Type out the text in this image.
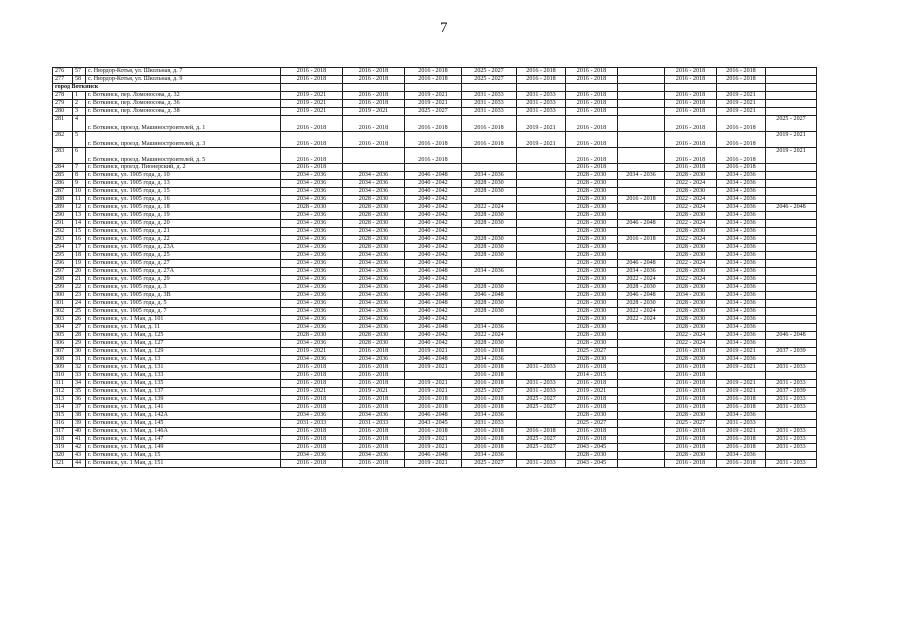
7
276	57	с. Нюрдор-Котья, ул. Школьная, д. 7	2016 - 2018	2016 - 2018	2016 - 2018	2025 - 2027	2016 - 2018	2016 - 2018		2016 - 2018	2016 - 2018	
277	58	с. Нюрдор-Котья, ул. Школьная, д. 9	2016 - 2018	2016 - 2018	2016 - 2018	2025 - 2027	2016 - 2018	2016 - 2018		2016 - 2018	2016 - 2018	
город Воткинск												
278	1	г. Воткинск, пер. Ломоносова, д. 32	2019 - 2021	2016 - 2018	2019 - 2021	2031 - 2033	2031 - 2033	2016 - 2018		2016 - 2018	2019 - 2021	
279	2	г. Воткинск, пер. Ломоносова, д. 36	2019 - 2021	2016 - 2018	2019 - 2021	2031 - 2033	2031 - 2033	2016 - 2018		2016 - 2018	2019 - 2021	
280	3	г. Воткинск, пер. Ломоносова, д. 38	2019 - 2021	2019 - 2021	2025 - 2027	2031 - 2033	2031 - 2033	2016 - 2018		2016 - 2018	2019 - 2021	
281	4	г. Воткинск, проезд. Машиностроителей, д. 1	2016 - 2018	2016 - 2018	2016 - 2018	2016 - 2018	2019 - 2021	2016 - 2018		2016 - 2018	2016 - 2018	2025 - 2027
282	5	г. Воткинск, проезд. Машиностроителей, д. 3	2016 - 2018	2016 - 2018	2016 - 2018	2016 - 2018	2019 - 2021	2016 - 2018		2016 - 2018	2016 - 2018	2019 - 2021
283	6	г. Воткинск, проезд. Машиностроителей, д. 5	2016 - 2018		2016 - 2018			2016 - 2018		2016 - 2018	2016 - 2018	2019 - 2021
284	7	г. Воткинск, проезд. Пионерский, д. 2	2016 - 2018					2016 - 2018		2016 - 2018	2016 - 2018	
285	8	г. Воткинск, ул. 1905 года, д. 10	2034 - 2036	2034 - 2036	2046 - 2048	2034 - 2036		2028 - 2030	2034 - 2036	2028 - 2030	2034 - 2036	
286	9	г. Воткинск, ул. 1905 года, д. 13	2034 - 2036	2034 - 2036	2040 - 2042	2028 - 2030		2028 - 2030		2022 - 2024	2034 - 2036	
287	10	г. Воткинск, ул. 1905 года, д. 15	2034 - 2036	2034 - 2036	2040 - 2042	2028 - 2030		2028 - 2030		2028 - 2030	2034 - 2036	
288	11	г. Воткинск, ул. 1905 года, д. 16	2034 - 2036	2028 - 2030	2040 - 2042			2028 - 2030	2016 - 2018	2022 - 2024	2034 - 2036	
289	12	г. Воткинск, ул. 1905 года, д. 18	2028 - 2030	2028 - 2030	2040 - 2042	2022 - 2024		2028 - 2030		2022 - 2024	2034 - 2036	2046 - 2048
290	13	г. Воткинск, ул. 1905 года, д. 19	2034 - 2036	2028 - 2030	2040 - 2042	2028 - 2030		2028 - 2030		2028 - 2030	2034 - 2036	
291	14	г. Воткинск, ул. 1905 года, д. 20	2034 - 2036	2028 - 2030	2040 - 2042	2028 - 2030		2028 - 2030	2046 - 2048	2022 - 2024	2034 - 2036	
292	15	г. Воткинск, ул. 1905 года, д. 21	2034 - 2036	2034 - 2036	2040 - 2042			2028 - 2030		2028 - 2030	2034 - 2036	
293	16	г. Воткинск, ул. 1905 года, д. 22	2034 - 2036	2028 - 2030	2040 - 2042	2028 - 2030		2028 - 2030	2016 - 2018	2022 - 2024	2034 - 2036	
294	17	г. Воткинск, ул. 1905 года, д. 23А	2034 - 2036	2028 - 2030	2040 - 2042	2028 - 2030		2028 - 2030		2028 - 2030	2034 - 2036	
295	18	г. Воткинск, ул. 1905 года, д. 25	2034 - 2036	2034 - 2036	2040 - 2042	2028 - 2030		2028 - 2030		2028 - 2030	2034 - 2036	
296	19	г. Воткинск, ул. 1905 года, д. 27	2034 - 2036	2034 - 2036	2040 - 2042			2028 - 2030	2046 - 2048	2022 - 2024	2034 - 2036	
297	20	г. Воткинск, ул. 1905 года, д. 27А	2034 - 2036	2034 - 2036	2046 - 2048	2034 - 2036		2028 - 2030	2034 - 2036	2028 - 2030	2034 - 2036	
298	21	г. Воткинск, ул. 1905 года, д. 29	2034 - 2036	2034 - 2036	2040 - 2042			2028 - 2030	2022 - 2024	2022 - 2024	2034 - 2036	
299	22	г. Воткинск, ул. 1905 года, д. 3	2034 - 2036	2034 - 2036	2046 - 2048	2028 - 2030		2028 - 2030	2028 - 2030	2028 - 2030	2034 - 2036	
300	23	г. Воткинск, ул. 1905 года, д. 3В	2034 - 2036	2034 - 2036	2046 - 2048	2046 - 2048		2028 - 2030	2046 - 2048	2034 - 2036	2034 - 2036	
301	24	г. Воткинск, ул. 1905 года, д. 5	2034 - 2036	2034 - 2036	2046 - 2048	2028 - 2030		2028 - 2030	2028 - 2030	2028 - 2030	2034 - 2036	
302	25	г. Воткинск, ул. 1905 года, д. 7	2034 - 2036	2034 - 2036	2040 - 2042	2028 - 2030		2028 - 2030	2022 - 2024	2028 - 2030	2034 - 2036	
303	26	г. Воткинск, ул. 1 Мая, д. 101	2034 - 2036	2034 - 2036	2040 - 2042			2028 - 2030	2022 - 2024	2028 - 2030	2034 - 2036	
304	27	г. Воткинск, ул. 1 Мая, д. 11	2034 - 2036	2034 - 2036	2046 - 2048	2034 - 2036		2028 - 2030		2028 - 2030	2034 - 2036	
305	28	г. Воткинск, ул. 1 Мая, д. 125	2028 - 2030	2028 - 2030	2040 - 2042	2022 - 2024		2028 - 2030		2022 - 2024	2034 - 2036	2046 - 2048
306	29	г. Воткинск, ул. 1 Мая, д. 127	2034 - 2036	2028 - 2030	2040 - 2042	2028 - 2030		2028 - 2030		2022 - 2024	2034 - 2036	
307	30	г. Воткинск, ул. 1 Мая, д. 129	2019 - 2021	2016 - 2018	2019 - 2021	2016 - 2018		2025 - 2027		2016 - 2018	2019 - 2021	2037 - 2039
308	31	г. Воткинск, ул. 1 Мая, д. 13	2034 - 2036	2034 - 2036	2046 - 2048	2034 - 2036		2028 - 2030		2028 - 2030	2034 - 2036	
309	32	г. Воткинск, ул. 1 Мая, д. 131	2016 - 2018	2016 - 2018	2019 - 2021	2016 - 2018	2031 - 2033	2016 - 2018		2016 - 2018	2019 - 2021	2031 - 2033
310	33	г. Воткинск, ул. 1 Мая, д. 133	2016 - 2018	2016 - 2018		2016 - 2018		2014 - 2015		2016 - 2018		
311	34	г. Воткинск, ул. 1 Мая, д. 135	2016 - 2018	2016 - 2018	2019 - 2021	2016 - 2018	2031 - 2033	2016 - 2018		2016 - 2018	2019 - 2021	2031 - 2033
312	35	г. Воткинск, ул. 1 Мая, д. 137	2019 - 2021	2019 - 2021	2019 - 2021	2025 - 2027	2031 - 2033	2019 - 2021		2016 - 2018	2019 - 2021	2037 - 2039
313	36	г. Воткинск, ул. 1 Мая, д. 139	2016 - 2018	2016 - 2018	2016 - 2018	2016 - 2018	2025 - 2027	2016 - 2018		2016 - 2018	2016 - 2018	2031 - 2033
314	37	г. Воткинск, ул. 1 Мая, д. 141	2016 - 2018	2016 - 2018	2016 - 2018	2016 - 2018	2025 - 2027	2016 - 2018		2016 - 2018	2016 - 2018	2031 - 2033
315	38	г. Воткинск, ул. 1 Мая, д. 142А	2034 - 2036	2034 - 2036	2046 - 2048	2034 - 2036		2028 - 2030		2028 - 2030	2034 - 2036	
316	39	г. Воткинск, ул. 1 Мая, д. 145	2031 - 2033	2031 - 2033	2043 - 2045	2031 - 2033		2025 - 2027		2025 - 2027	2031 - 2033	
317	40	г. Воткинск, ул. 1 Мая, д. 146А	2016 - 2018	2016 - 2018	2016 - 2018	2016 - 2018	2016 - 2018	2016 - 2018		2016 - 2018	2019 - 2021	2031 - 2033
318	41	г. Воткинск, ул. 1 Мая, д. 147	2016 - 2018	2016 - 2018	2019 - 2021	2016 - 2018	2025 - 2027	2016 - 2018		2016 - 2018	2016 - 2018	2031 - 2033
319	42	г. Воткинск, ул. 1 Мая, д. 149	2016 - 2018	2016 - 2018	2019 - 2021	2016 - 2018	2025 - 2027	2043 - 2045		2016 - 2018	2016 - 2018	2031 - 2033
320	43	г. Воткинск, ул. 1 Мая, д. 15	2034 - 2036	2034 - 2036	2046 - 2048	2034 - 2036		2028 - 2030		2028 - 2030	2034 - 2036	
321	44	г. Воткинск, ул. 1 Мая, д. 151	2016 - 2018	2016 - 2018	2019 - 2021	2025 - 2027	2031 - 2033	2043 - 2045		2016 - 2018	2016 - 2018	2031 - 2033
